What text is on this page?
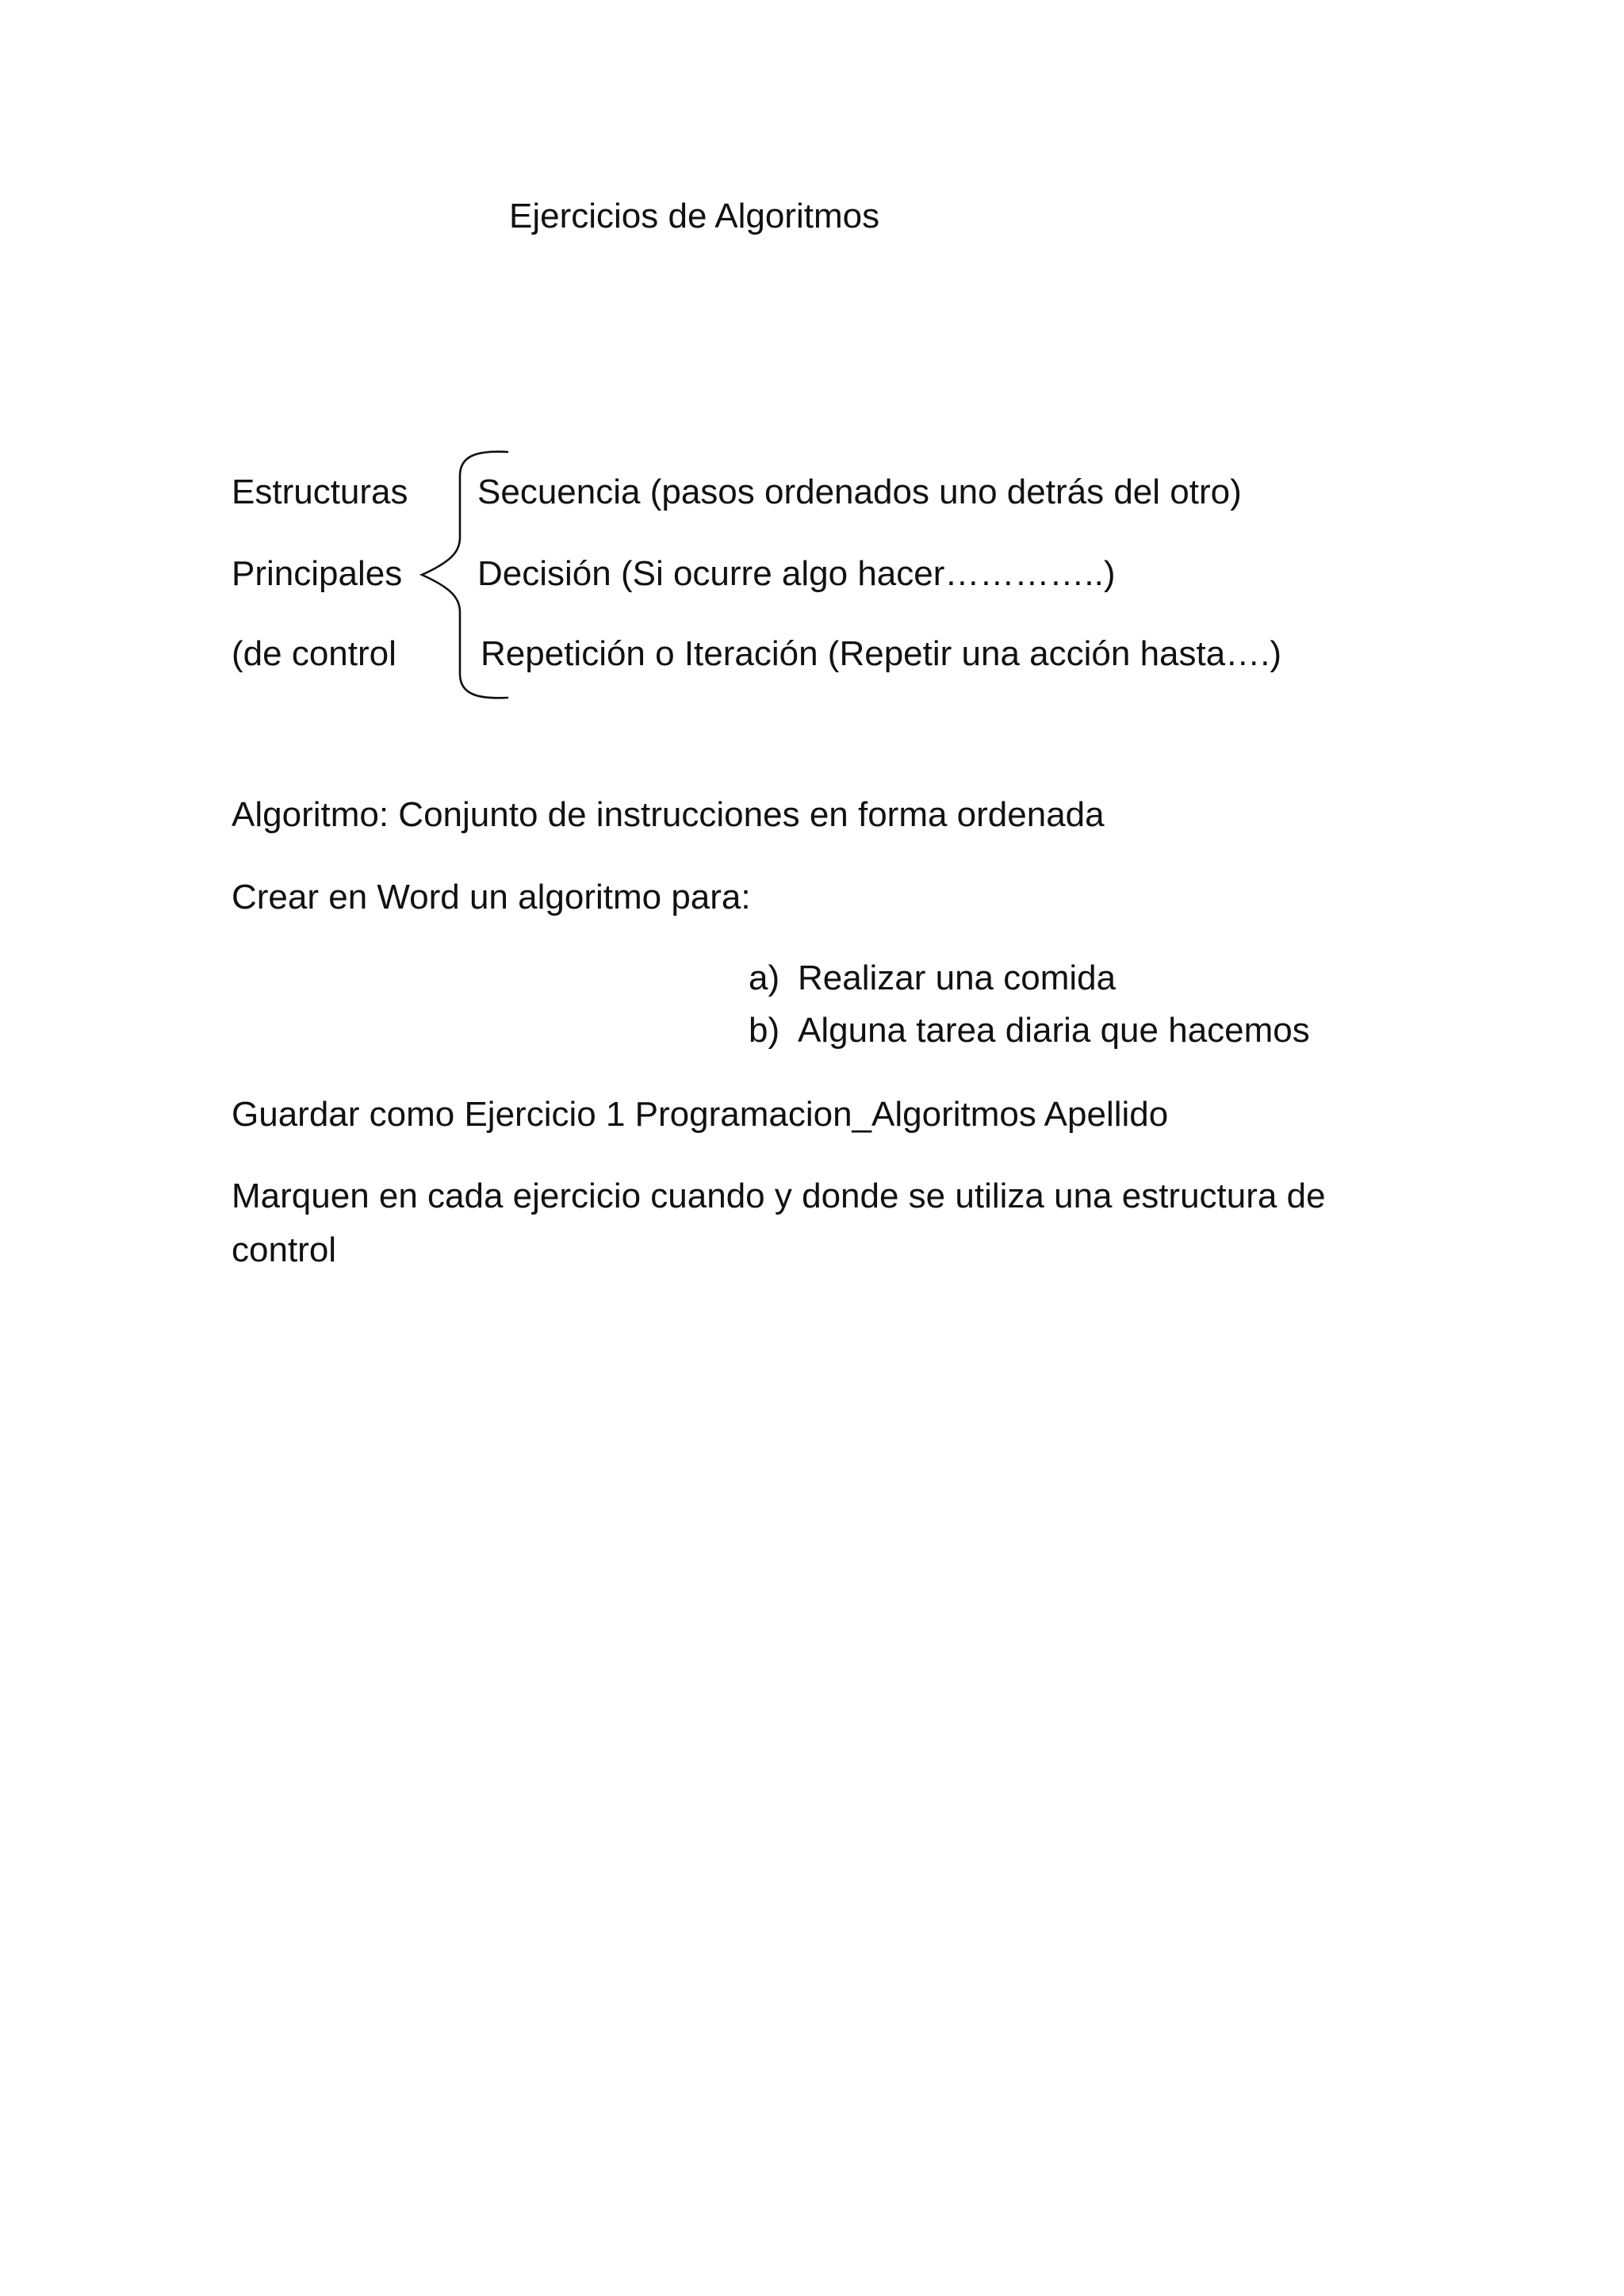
Ejercicios de Algoritmos
Estructuras
Principales
(de control
Secuencia (pasos ordenados uno detrás del otro)
Decisión (Si ocurre algo hacer…………..)
Repetición o Iteración (Repetir una acción hasta….)
Algoritmo: Conjunto de instrucciones en forma ordenada
Crear en Word un algoritmo para:
a) Realizar una comida
b) Alguna tarea diaria que hacemos
Guardar como Ejercicio 1 Programacion_Algoritmos Apellido
Marquen en cada ejercicio cuando y donde se utiliza una estructura de
control
